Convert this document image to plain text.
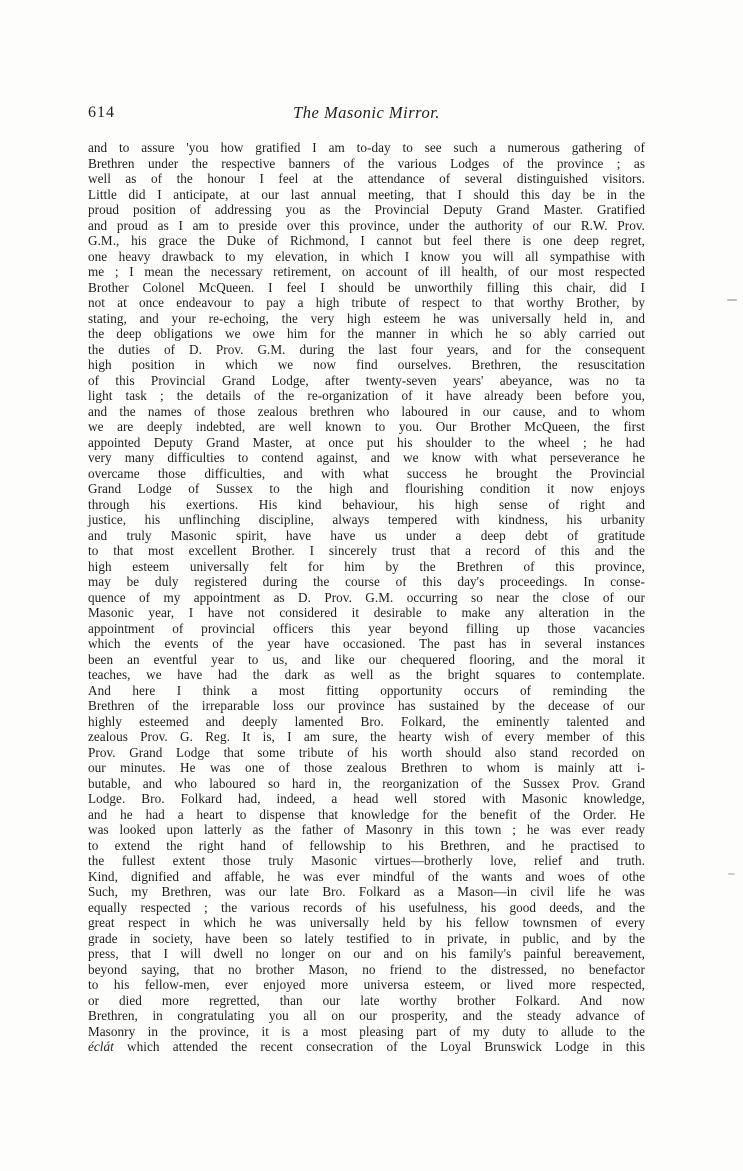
614	The Masonic Mirror.
and to assure 'you how gratified I am to-day to see such a numerous gathering of
Brethren under the respective banners of the various Lodges of the province ; as
well as of the honour I feel at the attendance of several distinguished visitors.
Little did I anticipate, at our last annual meeting, that I should this day be in the
proud position of addressing you as the Provincial Deputy Grand Master. Gratified
and proud as I am to preside over this province, under the authority of our R.W. Prov.
G.M., his grace the Duke of Richmond, I cannot but feel there is one deep regret,
one heavy drawback to my elevation, in which I know you will all sympathise with
me ; I mean the necessary retirement, on account of ill health, of our most respected
Brother Colonel McQueen. I feel I should be unworthily filling this chair, did I
not at once endeavour to pay a high tribute of respect to that worthy Brother, by
stating, and your re-echoing, the very high esteem he was universally held in, and
the deep obligations we owe him for the manner in which he so ably carried out
the duties of D. Prov. G.M. during the last four years, and for the consequent
high position in which we now find ourselves. Brethren, the resuscitation
of this Provincial Grand Lodge, after twenty-seven years' abeyance, was no ta
light task ; the details of the re-organization of it have already been before you,
and the names of those zealous brethren who laboured in our cause, and to whom
we are deeply indebted, are well known to you. Our Brother McQueen, the first
appointed Deputy Grand Master, at once put his shoulder to the wheel ; he had
very many difficulties to contend against, and we know with what perseverance he
overcame those difficulties, and with what success he brought the Provincial
Grand Lodge of Sussex to the high and flourishing condition it now enjoys
through his exertions. His kind behaviour, his high sense of right and
justice, his unflinching discipline, always tempered with kindness, his urbanity
and truly Masonic spirit, have have us under a deep debt of gratitude
to that most excellent Brother. I sincerely trust that a record of this and the
high esteem universally felt for him by the Brethren of this province,
may be duly registered during the course of this day's proceedings. In conse-
quence of my appointment as D. Prov. G.M. occurring so near the close of our
Masonic year, I have not considered it desirable to make any alteration in the
appointment of provincial officers this year beyond filling up those vacancies
which the events of the year have occasioned. The past has in several instances
been an eventful year to us, and like our chequered flooring, and the moral it
teaches, we have had the dark as well as the bright squares to contemplate.
And here I think a most fitting opportunity occurs of reminding the
Brethren of the irreparable loss our province has sustained by the decease of our
highly esteemed and deeply lamented Bro. Folkard, the eminently talented and
zealous Prov. G. Reg. It is, I am sure, the hearty wish of every member of this
Prov. Grand Lodge that some tribute of his worth should also stand recorded on
our minutes. He was one of those zealous Brethren to whom is mainly att i-
butable, and who laboured so hard in, the reorganization of the Sussex Prov. Grand
Lodge. Bro. Folkard had, indeed, a head well stored with Masonic knowledge,
and he had a heart to dispense that knowledge for the benefit of the Order. He
was looked upon latterly as the father of Masonry in this town ; he was ever ready
to extend the right hand of fellowship to his Brethren, and he practised to
the fullest extent those truly Masonic virtues—brotherly love, relief and truth.
Kind, dignified and affable, he was ever mindful of the wants and woes of othe
Such, my Brethren, was our late Bro. Folkard as a Mason—in civil life he was
equally respected ; the various records of his usefulness, his good deeds, and the
great respect in which he was universally held by his fellow townsmen of every
grade in society, have been so lately testified to in private, in public, and by the
press, that I will dwell no longer on our and on his family's painful bereavement,
beyond saying, that no brother Mason, no friend to the distressed, no benefactor
to his fellow-men, ever enjoyed more universa esteem, or lived more respected,
or died more regretted, than our late worthy brother Folkard. And now
Brethren, in congratulating you all on our prosperity, and the steady advance of
Masonry in the province, it is a most pleasing part of my duty to allude to the
éclát which attended the recent consecration of the Loyal Brunswick Lodge in this
